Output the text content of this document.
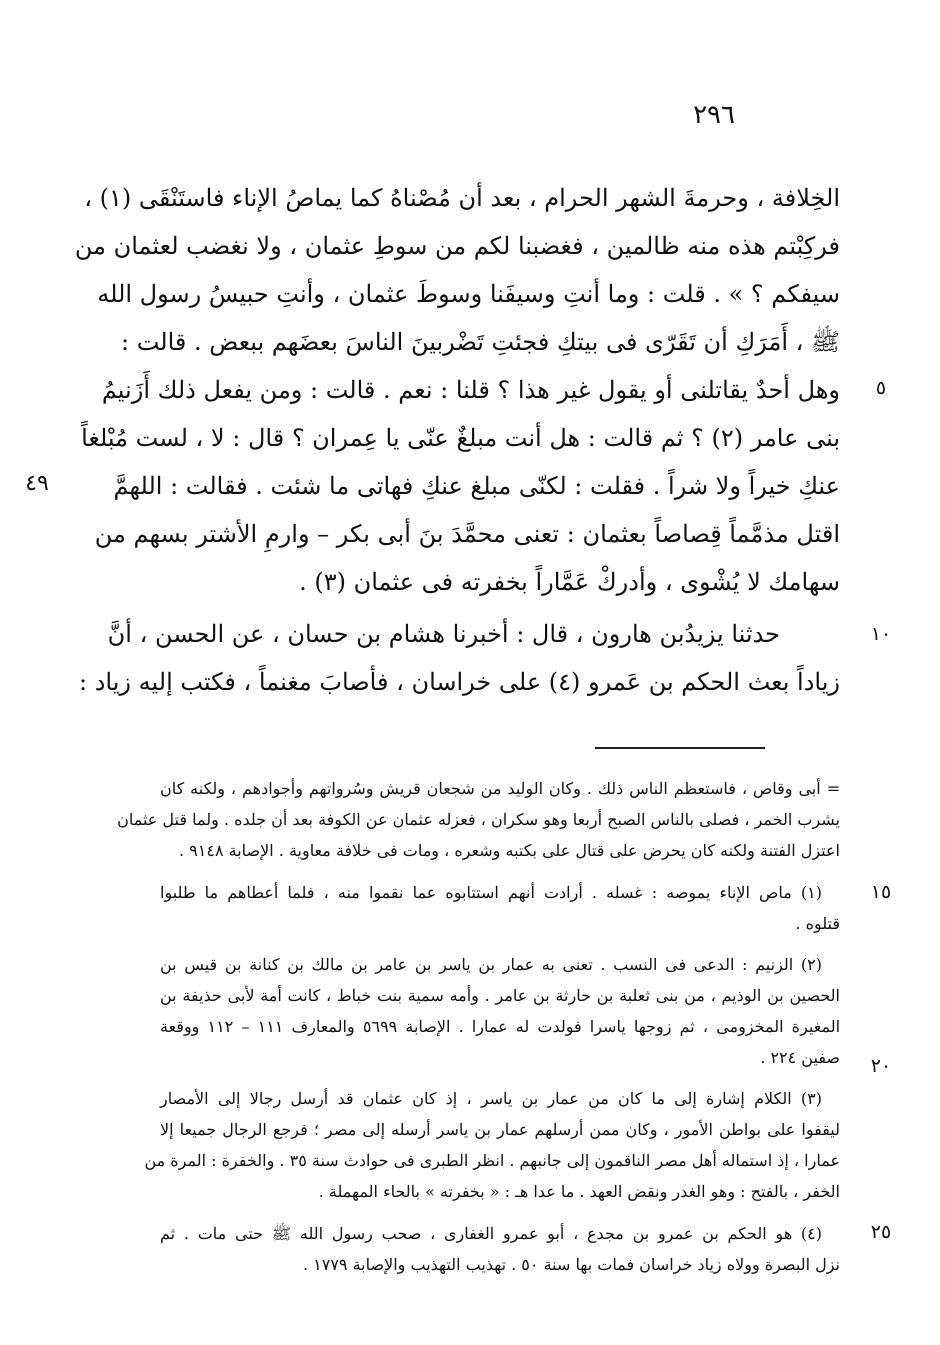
٢٩٦
الخِلافة ، وحرمةَ الشهر الحرام ، بعد أن مُصْناهُ كما يماصُ الإناء فاستَنْقَى (١) ،
فركِبْتم هذه منه ظالمين ، فغضبنا لكم من سوطِ عثمان ، ولا نغضب لعثمان من
سيفكم ؟ » . قلت : وما أنتِ وسيفَنا وسوطَ عثمان ، وأنتِ حبيسُ رسول الله
ﷺ ، أَمَرَكِ أن تَقَرّى فى بيتكِ فجئتِ تَضْربينَ الناسَ بعضَهم ببعض . قالت :
وهل أحدٌ يقاتلنى أو يقول غير هذا ؟ قلنا : نعم . قالت : ومن يفعل ذلك أَزَنيمُ
بنى عامر (٢) ؟ ثم قالت : هل أنت مبلغٌ عنّى يا عِمران ؟ قال : لا ، لست مُبْلغاً
عنكِ خيراً ولا شراً . فقلت : لكنّى مبلغ عنكِ فهاتى ما شئت . فقالت : اللهمَّ
اقتل مذمَّماً قِصاصاً بعثمان : تعنى محمَّدَ بنَ أبى بكر – وارمِ الأشتر بسهم من
سهامك لا يُشْوى ، وأدركْ عَمَّاراً بخفرته فى عثمان (٣) .
حدثنا يزيدُبن هارون ، قال : أخبرنا هشام بن حسان ، عن الحسن ، أنَّ
زياداً بعث الحكم بن عَمرو (٤) على خراسان ، فأصابَ مغنماً ، فكتب إليه زياد :
٥
٤٩
١٠
= أبى وقاص ، فاستعظم الناس ذلك . وكان الوليد من شجعان قريش وسُرواتهم وأجوادهم ، ولكنه كان
يشرب الخمر ، فصلى بالناس الصبح أربعا وهو سكران ، فعزله عثمان عن الكوفة بعد أن جلده . ولما قتل عثمان
اعتزل الفتنة ولكنه كان يحرض على قتال على بكتبه وشعره ، ومات فى خلافة معاوية . الإصابة ٩١٤٨ .
(١) ماص الإناء يموصه : غسله . أرادت أنهم استتابوه عما نقموا منه ، فلما أعطاهم ما طلبوا
قتلوه .
(٢) الزنيم : الدعى فى النسب . تعنى به عمار بن ياسر بن عامر بن مالك بن كنانة بن قيس بن
الحصين بن الوذيم ، من بنى ثعلبة بن حارثة بن عامر . وأمه سمية بنت خباط ، كانت أمة لأبى حذيفة بن
المغيرة المخزومى ، ثم زوجها ياسرا فولدت له عمارا . الإصابة ٥٦٩٩ والمعارف ١١١ – ١١٢ ووقعة
صفين ٢٢٤ .
(٣) الكلام إشارة إلى ما كان من عمار بن ياسر ، إذ كان عثمان قد أرسل رجالا إلى الأمصار
ليقفوا على بواطن الأمور ، وكان ممن أرسلهم عمار بن ياسر أرسله إلى مصر ؛ فرجع الرجال جميعا إلا
عمارا ، إذ استماله أهل مصر الناقمون إلى جانبهم . انظر الطبرى فى حوادث سنة ٣٥ . والخفرة : المرة من
الخفر ، بالفتح : وهو الغدر ونقض العهد . ما عدا هـ : « بخفرته » بالحاء المهملة .
(٤) هو الحكم بن عمرو بن مجدع ، أبو عمرو الغفارى ، صحب رسول الله ﷺ حتى مات . ثم
نزل البصرة وولاه زياد خراسان فمات بها سنة ٥٠ . تهذيب التهذيب والإصابة ١٧٧٩ .
١٥
٢٠
٢٥
